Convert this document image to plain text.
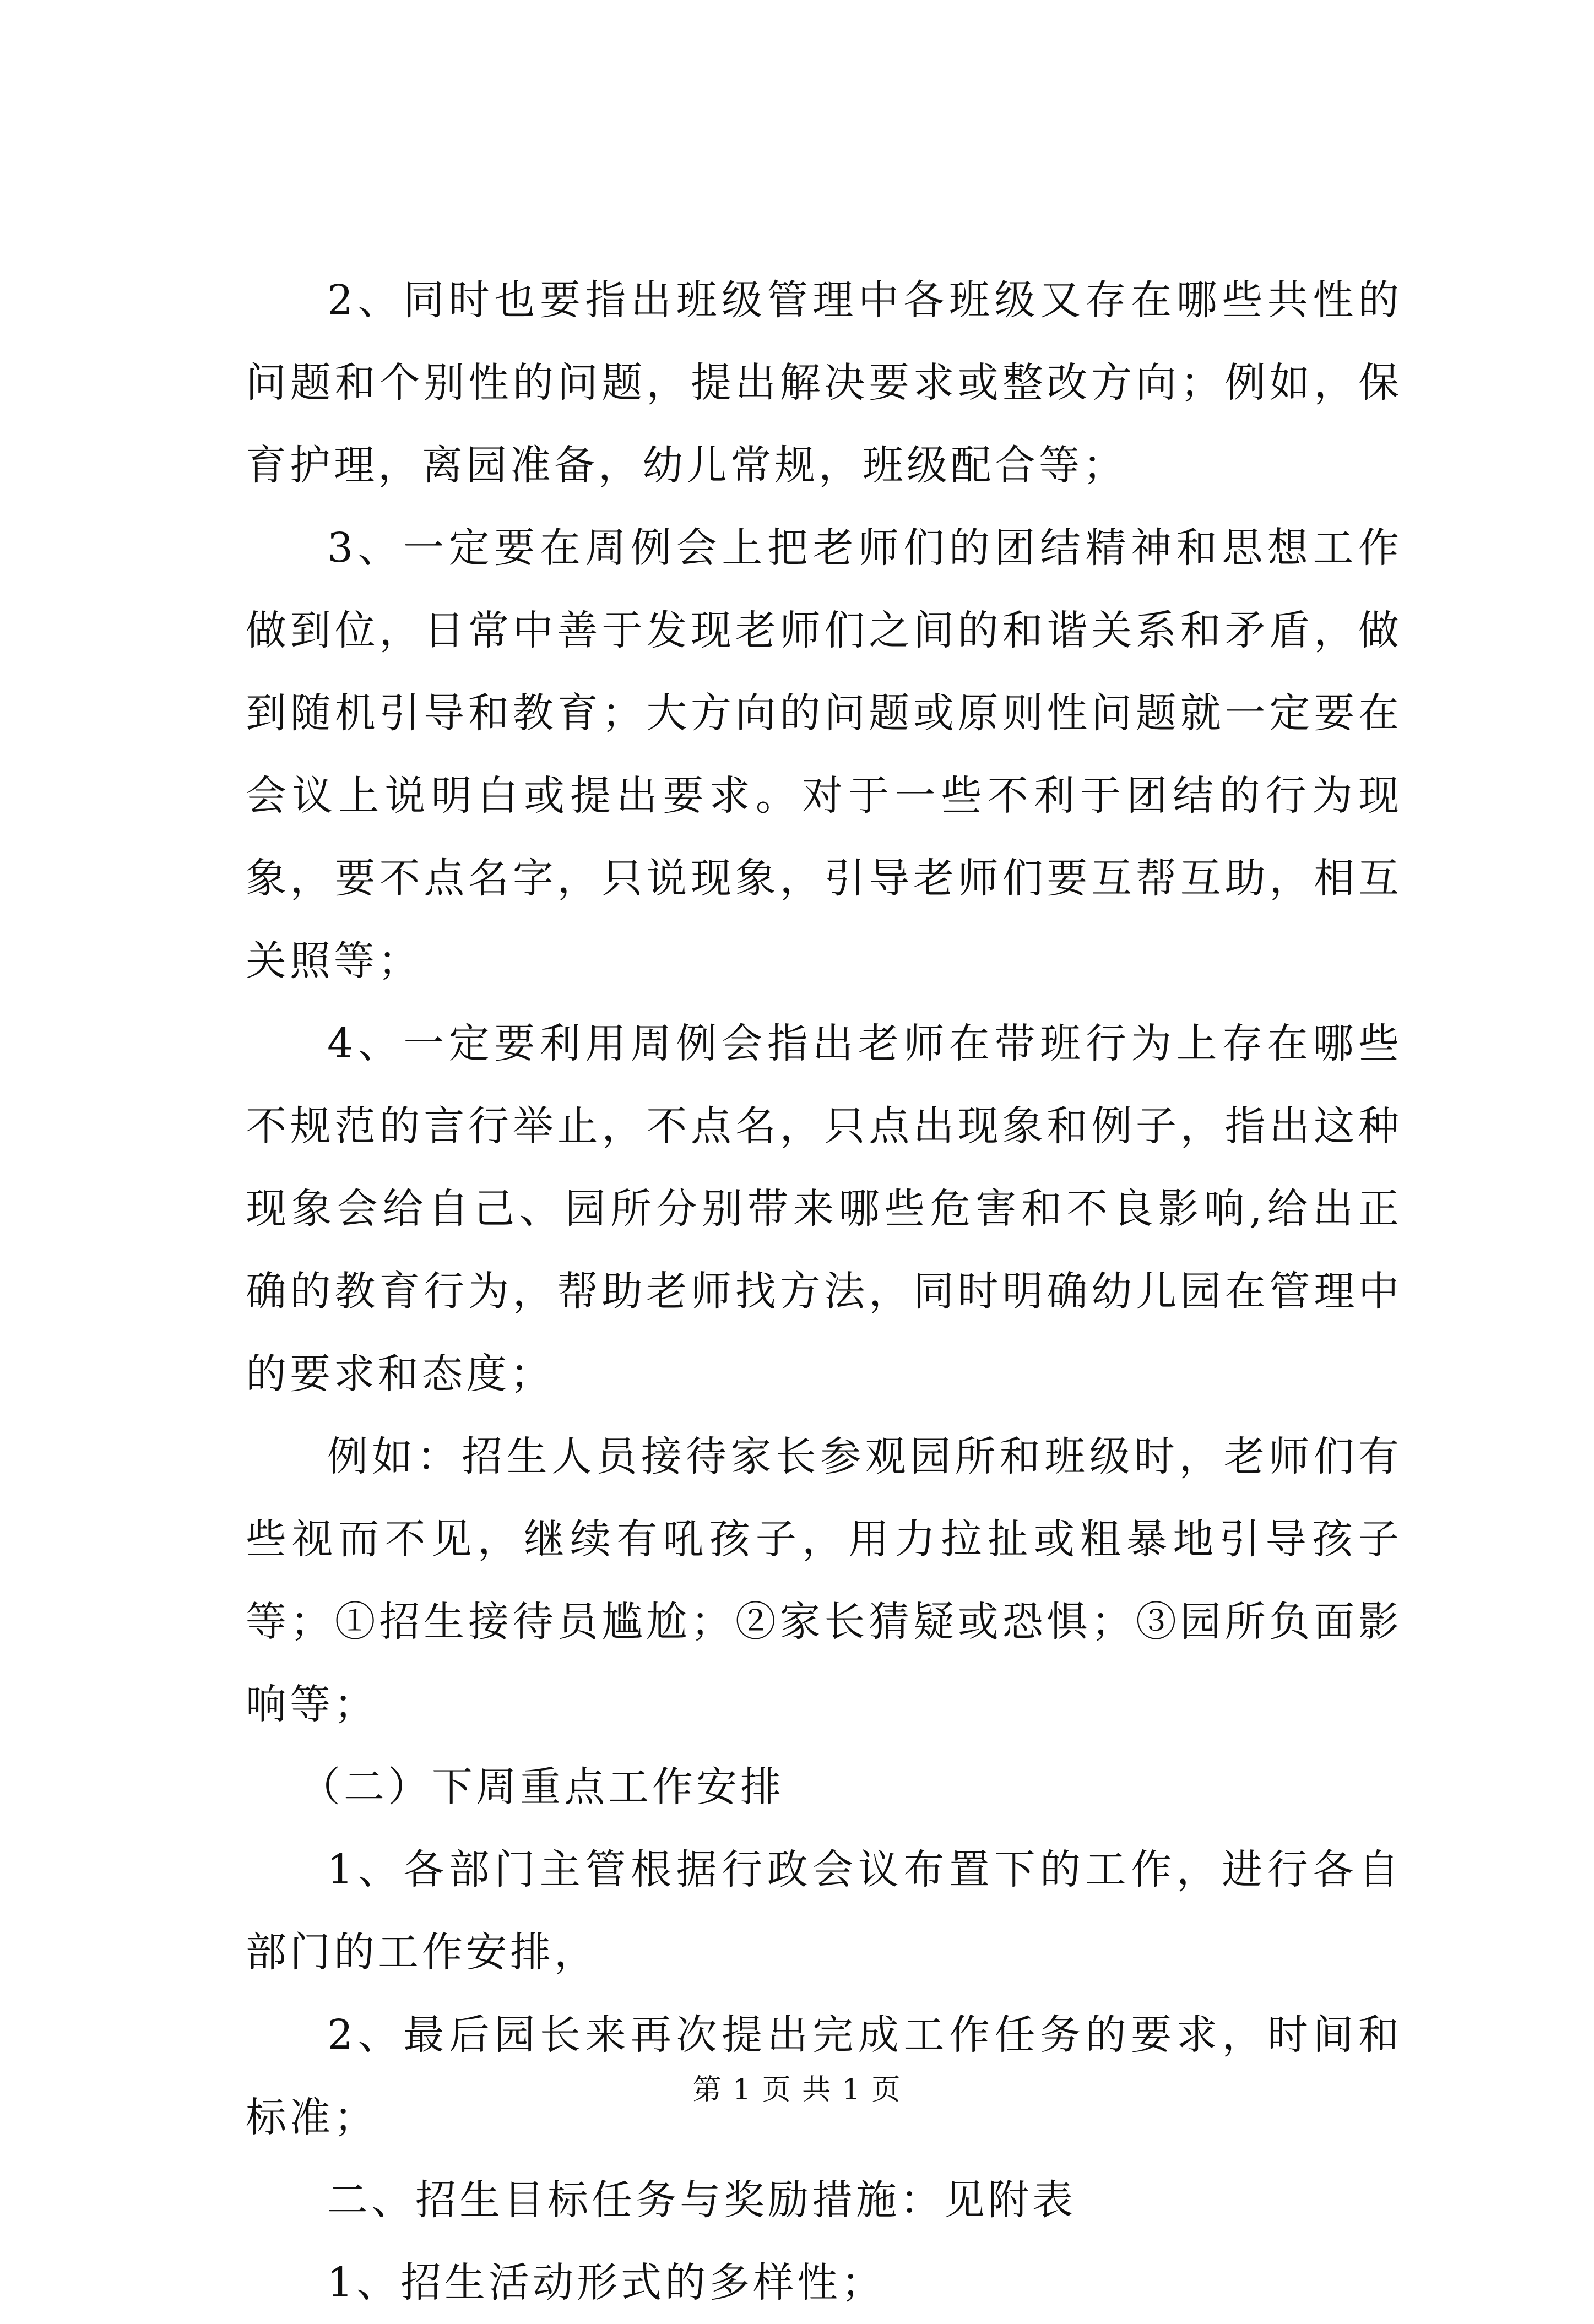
2、同时也要指出班级管理中各班级又存在哪些共性的问题和个别性的问题，提出解决要求或整改方向；例如，保育护理，离园准备，幼儿常规，班级配合等；

3、一定要在周例会上把老师们的团结精神和思想工作做到位，日常中善于发现老师们之间的和谐关系和矛盾，做到随机引导和教育；大方向的问题或原则性问题就一定要在会议上说明白或提出要求。对于一些不利于团结的行为现象，要不点名字，只说现象，引导老师们要互帮互助，相互关照等；

4、一定要利用周例会指出老师在带班行为上存在哪些不规范的言行举止，不点名，只点出现象和例子，指出这种现象会给自己、园所分别带来哪些危害和不良影响,给出正确的教育行为，帮助老师找方法，同时明确幼儿园在管理中的要求和态度；

例如：招生人员接待家长参观园所和班级时，老师们有些视而不见，继续有吼孩子，用力拉扯或粗暴地引导孩子等；①招生接待员尴尬；②家长猜疑或恐惧；③园所负面影响等；

（二）下周重点工作安排

1、各部门主管根据行政会议布置下的工作，进行各自部门的工作安排，

2、最后园长来再次提出完成工作任务的要求，时间和标准；

二、招生目标任务与奖励措施：见附表

1、招生活动形式的多样性；

第 1 页 共 1 页
